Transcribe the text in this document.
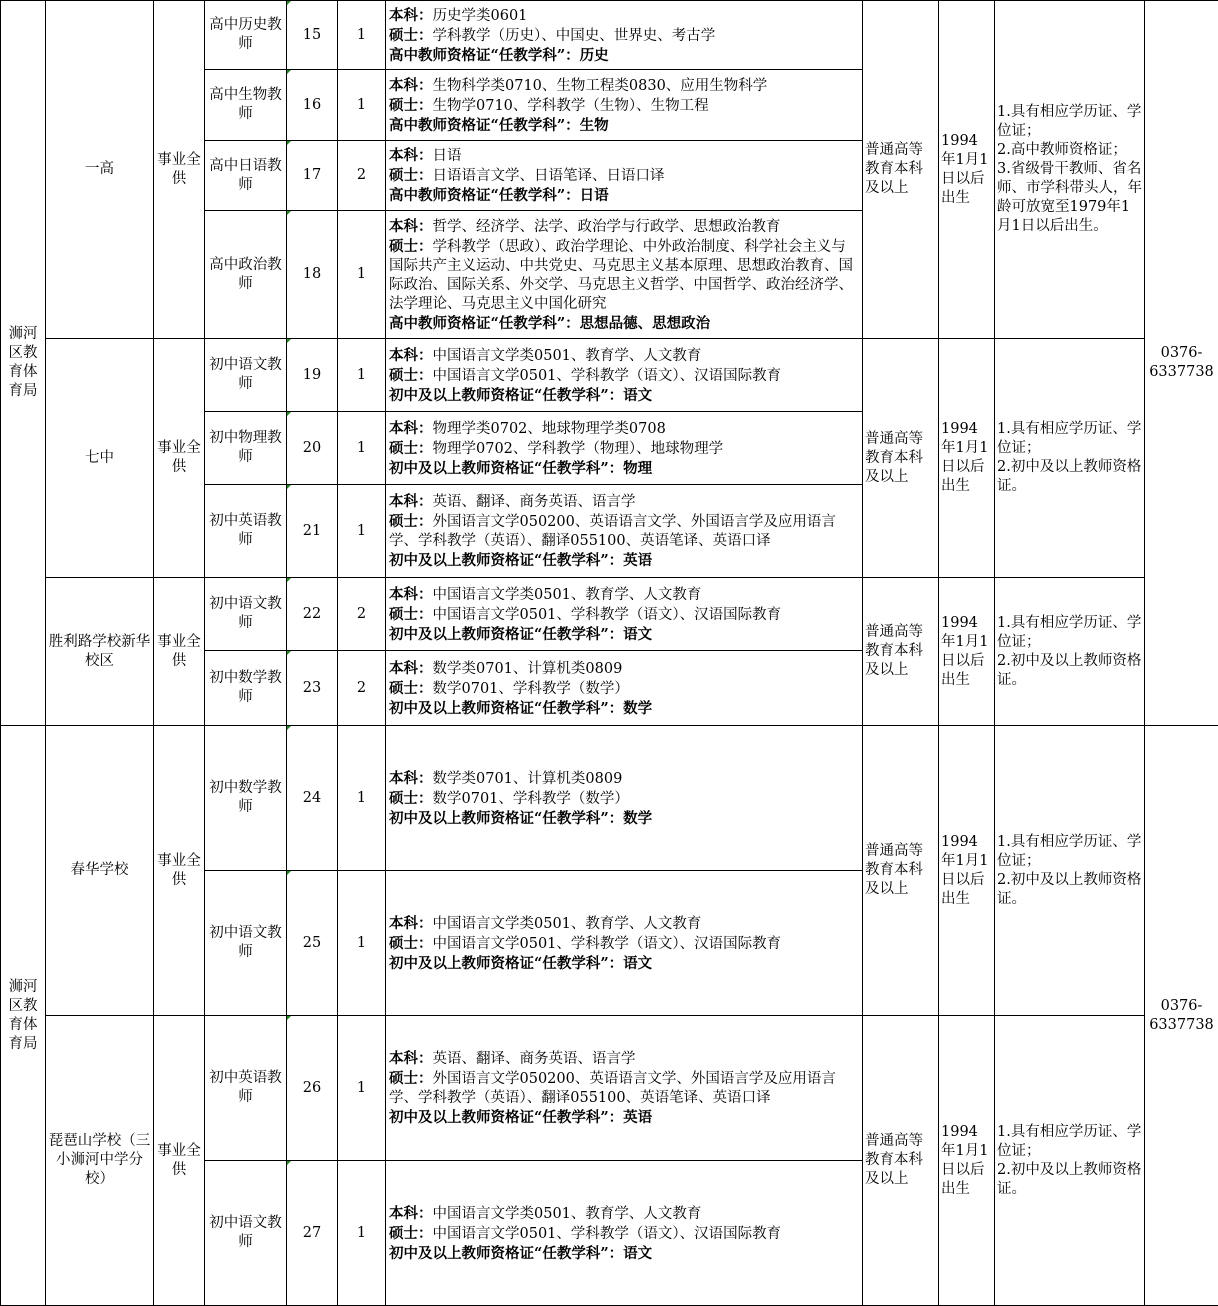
浉河区教育体育局	一高	事业全供	高中历史教师	15	1	本科：历史学类0601
硕士：学科教学（历史）、中国史、世界史、考古学
高中教师资格证“任教学科”：历史	普通高等教育本科及以上	1994年1月1日以后出生	1.具有相应学历证、学位证；
2.高中教师资格证；
3.省级骨干教师、省名师、市学科带头人，年龄可放宽至1979年1月1日以后出生。	0376-6337738
			高中生物教师	16	1	本科：生物科学类0710、生物工程类0830、应用生物科学
硕士：生物学0710、学科教学（生物）、生物工程
高中教师资格证“任教学科”：生物				

			高中日语教师	17	2	本科：日语
硕士：日语语言文学、日语笔译、日语口译
高中教师资格证“任教学科”：日语				

			高中政治教师	18	1	本科：哲学、经济学、法学、政治学与行政学、思想政治教育
硕士：学科教学（思政）、政治学理论、中外政治制度、科学社会主义与国际共产主义运动、中共党史、马克思主义基本原理、思想政治教育、国际政治、国际关系、外交学、马克思主义哲学、中国哲学、政治经济学、法学理论、马克思主义中国化研究
高中教师资格证“任教学科”：思想品德、思想政治				

	七中	事业全供	初中语文教师	19	1	本科：中国语言文学类0501、教育学、人文教育
硕士：中国语言文学0501、学科教学（语文）、汉语国际教育
初中及以上教师资格证“任教学科”：语文	普通高等教育本科及以上	1994年1月1日以后出生	1.具有相应学历证、学位证；
2.初中及以上教师资格证。	

			初中物理教师	20	1	本科：物理学类0702、地球物理学类0708
硕士：物理学0702、学科教学（物理）、地球物理学
初中及以上教师资格证“任教学科”：物理				

			初中英语教师	21	1	本科：英语、翻译、商务英语、语言学
硕士：外国语言文学050200、英语语言文学、外国语言学及应用语言学、学科教学（英语）、翻译055100、英语笔译、英语口译
初中及以上教师资格证“任教学科”：英语				

	胜利路学校新华校区	事业全供	初中语文教师	22	2	本科：中国语言文学类0501、教育学、人文教育
硕士：中国语言文学0501、学科教学（语文）、汉语国际教育
初中及以上教师资格证“任教学科”：语文	普通高等教育本科及以上	1994年1月1日以后出生	1.具有相应学历证、学位证；
2.初中及以上教师资格证。	

			初中数学教师	23	2	本科：数学类0701、计算机类0809
硕士：数学0701、学科教学（数学）
初中及以上教师资格证“任教学科”：数学				

浉河区教育体育局	春华学校	事业全供	初中数学教师	24	1	本科：数学类0701、计算机类0809
硕士：数学0701、学科教学（数学）
初中及以上教师资格证“任教学科”：数学	普通高等教育本科及以上	1994年1月1日以后出生	1.具有相应学历证、学位证；
2.初中及以上教师资格证。	0376-6337738
			初中语文教师	25	1	本科：中国语言文学类0501、教育学、人文教育
硕士：中国语言文学0501、学科教学（语文）、汉语国际教育
初中及以上教师资格证“任教学科”：语文				

	琵琶山学校（三小浉河中学分校）	事业全供	初中英语教师	26	1	本科：英语、翻译、商务英语、语言学
硕士：外国语言文学050200、英语语言文学、外国语言学及应用语言学、学科教学（英语）、翻译055100、英语笔译、英语口译
初中及以上教师资格证“任教学科”：英语	普通高等教育本科及以上	1994年1月1日以后出生	1.具有相应学历证、学位证；
2.初中及以上教师资格证。	

			初中语文教师	27	1	本科：中国语言文学类0501、教育学、人文教育
硕士：中国语言文学0501、学科教学（语文）、汉语国际教育
初中及以上教师资格证“任教学科”：语文				
